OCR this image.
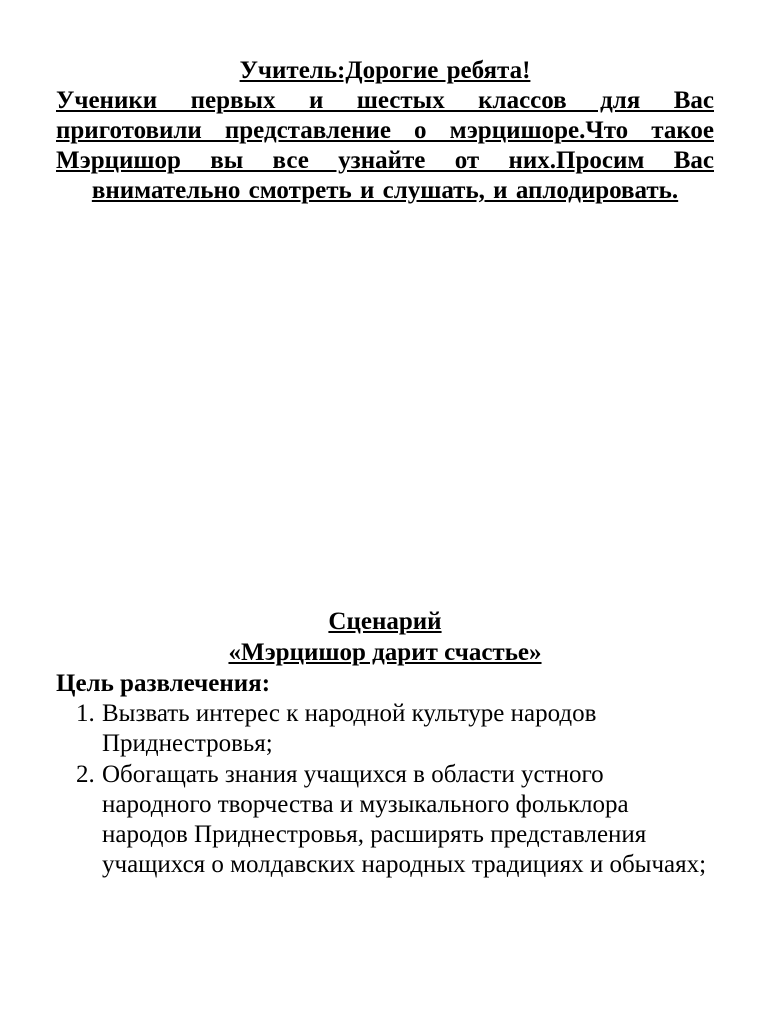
Учитель:Дорогие ребята!

Ученики первых и шестых классов для Вас приготовили представление о мэрцишоре.Что такое Мэрцишор вы все узнайте от них.Просим Вас внимательно смотреть и слушать, и аплодировать.

Сценарий

«Мэрцишор дарит счастье»

Цель развлечения:

1. Вызвать интерес к народной культуре народов Приднестровья;
2. Обогащать знания учащихся в области устного народного творчества и музыкального фольклора народов Приднестровья, расширять представления учащихся о молдавских народных традициях и обычаях;
